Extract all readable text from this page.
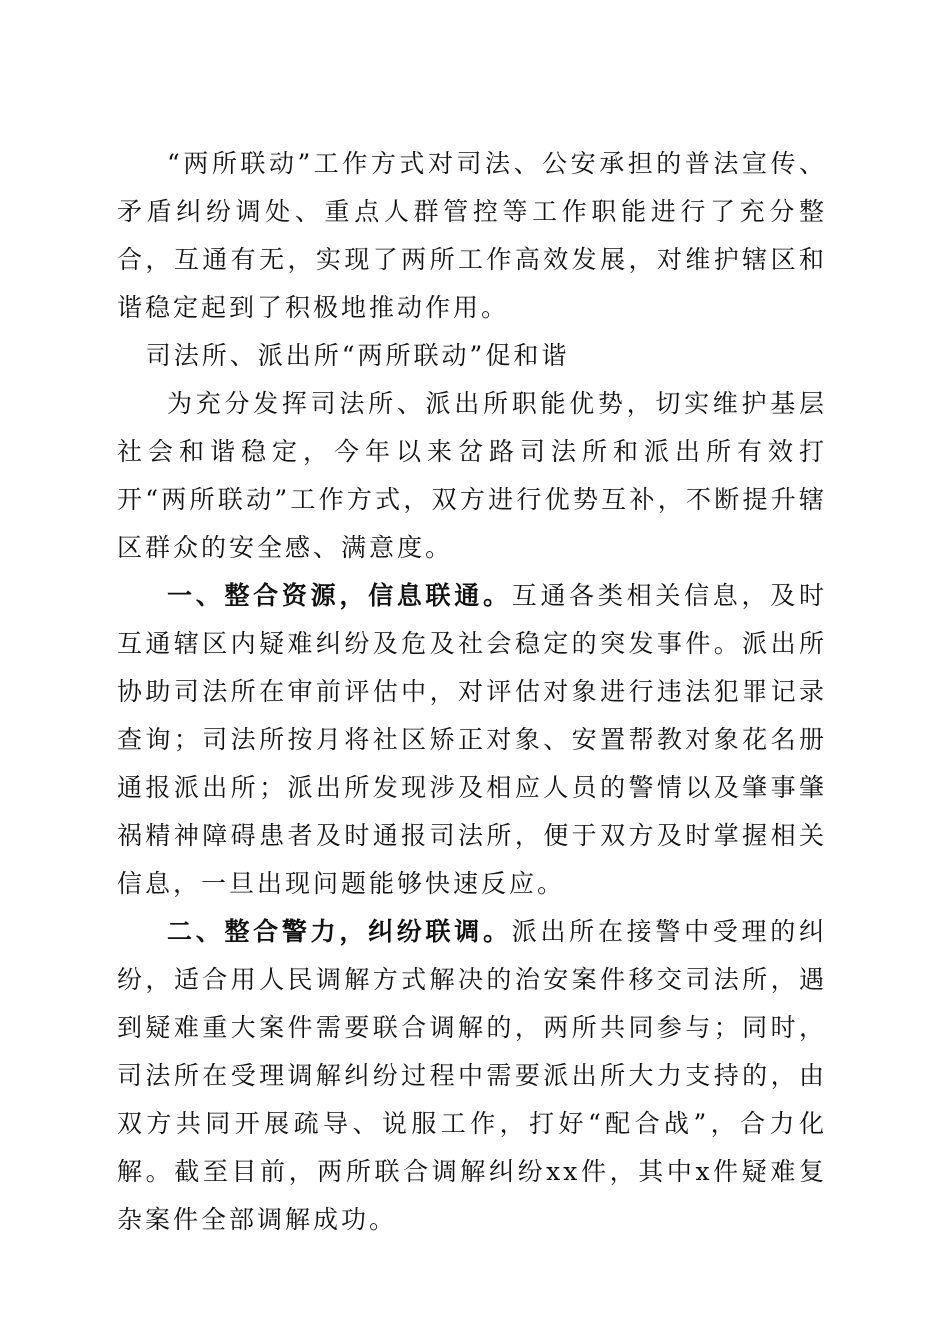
“两所联动”工作方式对司法、公安承担的普法宣传、矛盾纠纷调处、重点人群管控等工作职能进行了充分整合，互通有无，实现了两所工作高效发展，对维护辖区和谐稳定起到了积极地推动作用。

司法所、派出所“两所联动”促和谐

为充分发挥司法所、派出所职能优势，切实维护基层社会和谐稳定，今年以来岔路司法所和派出所有效打开“两所联动”工作方式，双方进行优势互补，不断提升辖区群众的安全感、满意度。

一、整合资源，信息联通。互通各类相关信息，及时互通辖区内疑难纠纷及危及社会稳定的突发事件。派出所协助司法所在审前评估中，对评估对象进行违法犯罪记录查询；司法所按月将社区矫正对象、安置帮教对象花名册通报派出所；派出所发现涉及相应人员的警情以及肇事肇祸精神障碍患者及时通报司法所，便于双方及时掌握相关信息，一旦出现问题能够快速反应。

二、整合警力，纠纷联调。派出所在接警中受理的纠纷，适合用人民调解方式解决的治安案件移交司法所，遇到疑难重大案件需要联合调解的，两所共同参与；同时，司法所在受理调解纠纷过程中需要派出所大力支持的，由双方共同开展疏导、说服工作，打好“配合战”，合力化解。截至目前，两所联合调解纠纷xx件，其中x件疑难复杂案件全部调解成功。
